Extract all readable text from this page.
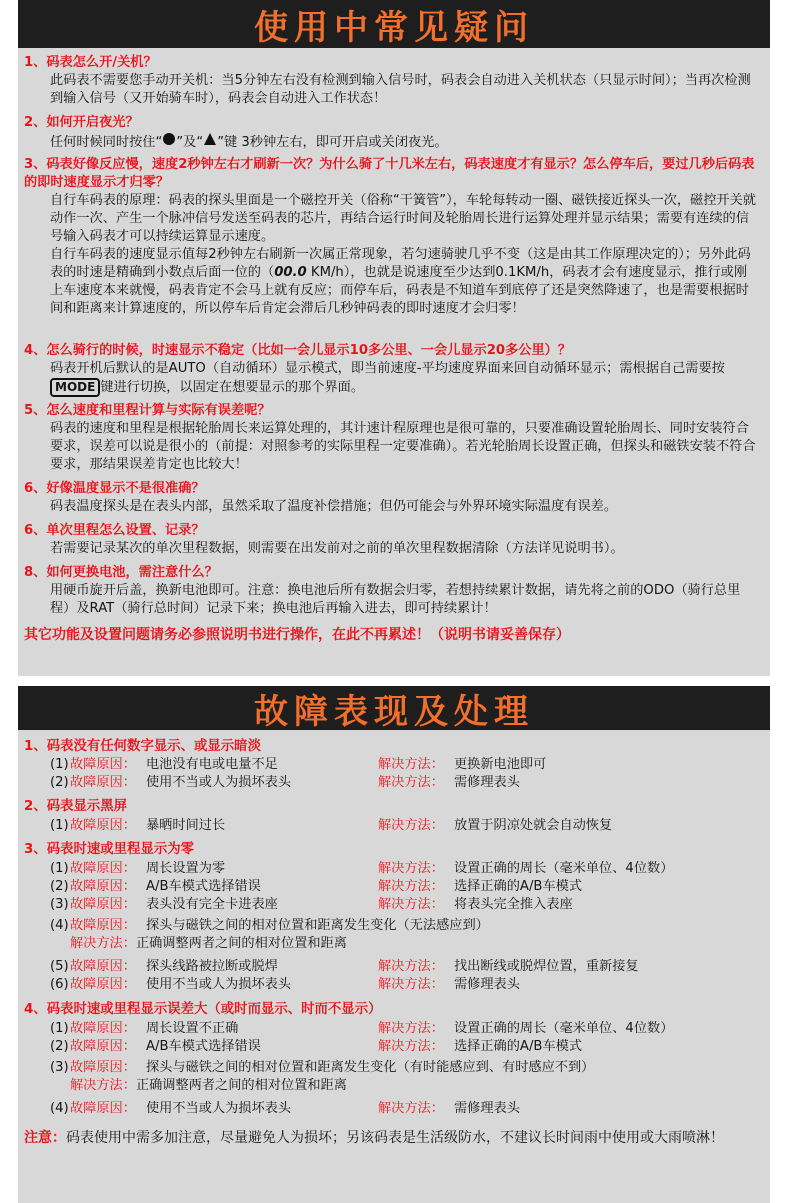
使用中常见疑问

1、码表怎么开/关机？

此码表不需要您手动开关机：当5分钟左右没有检测到输入信号时，码表会自动进入关机状态（只显示时间）；当再次检测到输入信号（又开始骑车时），码表会自动进入工作状态！

2、如何开启夜光？

任何时候同时按住“ ”及“ ”键 3秒钟左右，即可开启或关闭夜光。

3、码表好像反应慢，速度2秒钟左右才刷新一次？为什么骑了十几米左右，码表速度才有显示？怎么停车后，要过几秒后码表的即时速度显示才归零？

自行车码表的原理：码表的探头里面是一个磁控开关（俗称“干簧管”），车轮每转动一圈、磁铁接近探头一次，磁控开关就动作一次、产生一个脉冲信号发送至码表的芯片，再结合运行时间及轮胎周长进行运算处理并显示结果；需要有连续的信号输入码表才可以持续运算显示速度。

自行车码表的速度显示值每2秒钟左右刷新一次属正常现象，若匀速骑驶几乎不变（这是由其工作原理决定的）；另外此码表的时速是精确到小数点后面一位的（00.0 KM/h），也就是说速度至少达到0.1KM/h，码表才会有速度显示，推行或刚上车速度本来就慢，码表肯定不会马上就有反应；而停车后，码表是不知道车到底停了还是突然降速了，也是需要根据时间和距离来计算速度的，所以停车后肯定会滞后几秒钟码表的即时速度才会归零！

4、怎么骑行的时候，时速显示不稳定（比如一会儿显示10多公里、一会儿显示20多公里）？

码表开机后默认的是AUTO（自动循环）显示模式，即当前速度-平均速度界面来回自动循环显示；需根据自己需要按MODE 键进行切换，以固定在想要显示的那个界面。

5、怎么速度和里程计算与实际有误差呢？

码表的速度和里程是根据轮胎周长来运算处理的，其计速计程原理也是很可靠的，只要准确设置轮胎周长、同时安装符合要求，误差可以说是很小的（前提：对照参考的实际里程一定要准确）。若光轮胎周长设置正确，但探头和磁铁安装不符合要求，那结果误差肯定也比较大！

6、好像温度显示不是很准确？

码表温度探头是在表头内部，虽然采取了温度补偿措施；但仍可能会与外界环境实际温度有误差。

6、单次里程怎么设置、记录？

若需要记录某次的单次里程数据，则需要在出发前对之前的单次里程数据清除（方法详见说明书）。

8、如何更换电池，需注意什么？

用硬币旋开后盖，换新电池即可。注意：换电池后所有数据会归零，若想持续累计数据，请先将之前的ODO（骑行总里程）及RAT（骑行总时间）记录下来；换电池后再输入进去，即可持续累计！

其它功能及设置问题请务必参照说明书进行操作，在此不再累述！（说明书请妥善保存）
故障表现及处理
1、码表没有任何数字显示、或显示暗淡
(1) 故障原因： 电池没有电或电量不足	解决方法： 更换新电池即可
(2) 故障原因： 使用不当或人为损坏表头	解决方法： 需修理表头
2、码表显示黑屏
(1) 故障原因： 暴晒时间过长	解决方法： 放置于阴凉处就会自动恢复
3、码表时速或里程显示为零
(1) 故障原因： 周长设置为零	解决方法： 设置正确的周长（毫米单位、4位数）
(2) 故障原因： A/B车模式选择错误	解决方法： 选择正确的A/B车模式
(3) 故障原因： 表头没有完全卡进表座	解决方法： 将表头完全推入表座
(4) 故障原因： 探头与磁铁之间的相对位置和距离发生变化（无法感应到）
解决方法：正确调整两者之间的相对位置和距离
(5) 故障原因： 探头线路被拉断或脱焊	解决方法： 找出断线或脱焊位置，重新接复
(6) 故障原因： 使用不当或人为损坏表头	解决方法： 需修理表头
4、码表时速或里程显示误差大（或时而显示、时而不显示）
(1) 故障原因： 周长设置不正确	解决方法： 设置正确的周长（毫米单位、4位数）
(2) 故障原因： A/B车模式选择错误	解决方法： 选择正确的A/B车模式
(3) 故障原因： 探头与磁铁之间的相对位置和距离发生变化（有时能感应到、有时感应不到）
解决方法：正确调整两者之间的相对位置和距离
(4) 故障原因： 使用不当或人为损坏表头	解决方法： 需修理表头
注意：码表使用中需多加注意，尽量避免人为损坏；另该码表是生活级防水，不建议长时间雨中使用或大雨喷淋！
